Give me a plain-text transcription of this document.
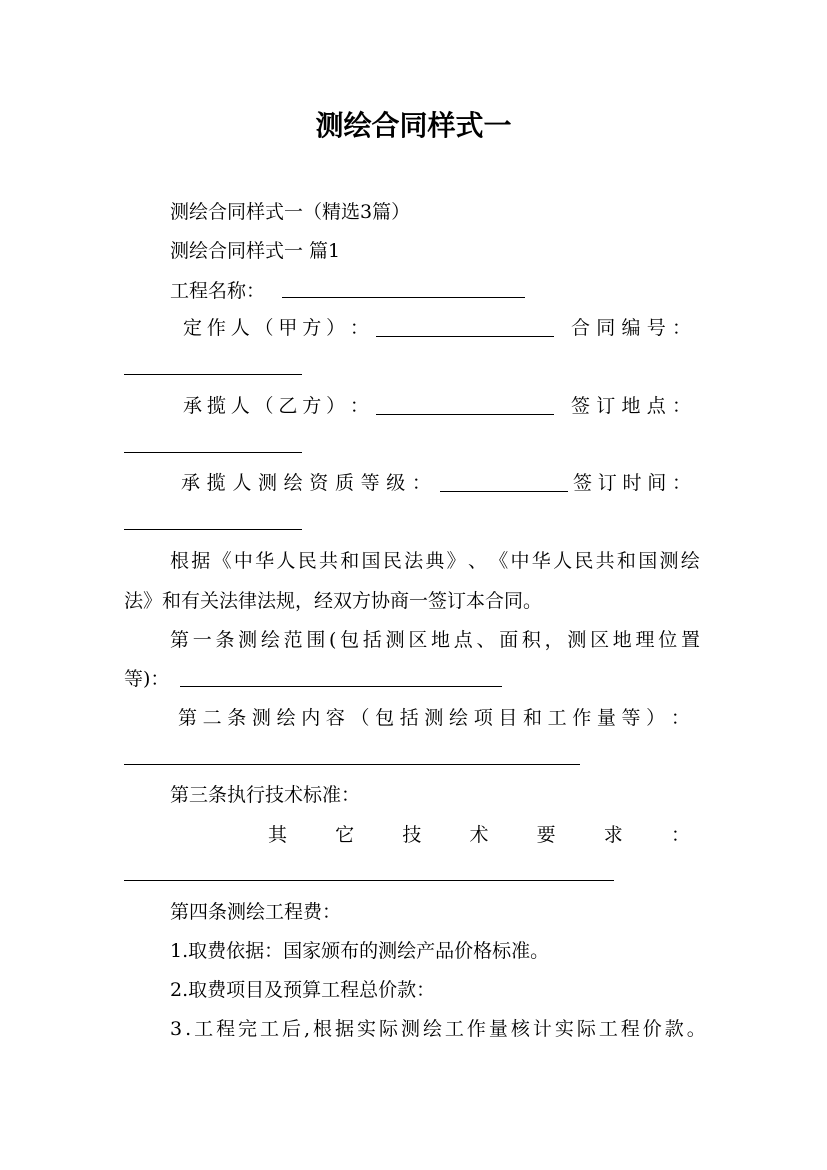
测绘合同样式一
测绘合同样式一（精选3篇）
测绘合同样式一 篇1
工程名称：
定 作 人 （ 甲 方 ） ：	合 同 编 号 ：
承 揽 人 （ 乙 方 ） ：	签 订 地 点 ：
承 揽 人 测 绘 资 质 等 级 ：	签 订 时 间 ：
根 据 《 中 华 人 民 共 和 国 民 法 典 》 、 《 中 华 人 民 共 和 国 测 绘
法》和有关法律法规，经双方协商一签订本合同。
第 一 条 测 绘 范 围 ( 包 括 测 区 地 点 、 面 积 ， 测 区 地 理 位 置
等)：
第 二 条 测 绘 内 容 （ 包 括 测 绘 项 目 和 工 作 量 等 ） ：
第三条执行技术标准：
其	它	技	术	要	求	：
第四条测绘工程费：
1.取费依据：国家颁布的测绘产品价格标准。
2.取费项目及预算工程总价款：
3 . 工 程 完 工 后 , 根 据 实 际 测 绘 工 作 量 核 计 实 际 工 程 价 款 。
